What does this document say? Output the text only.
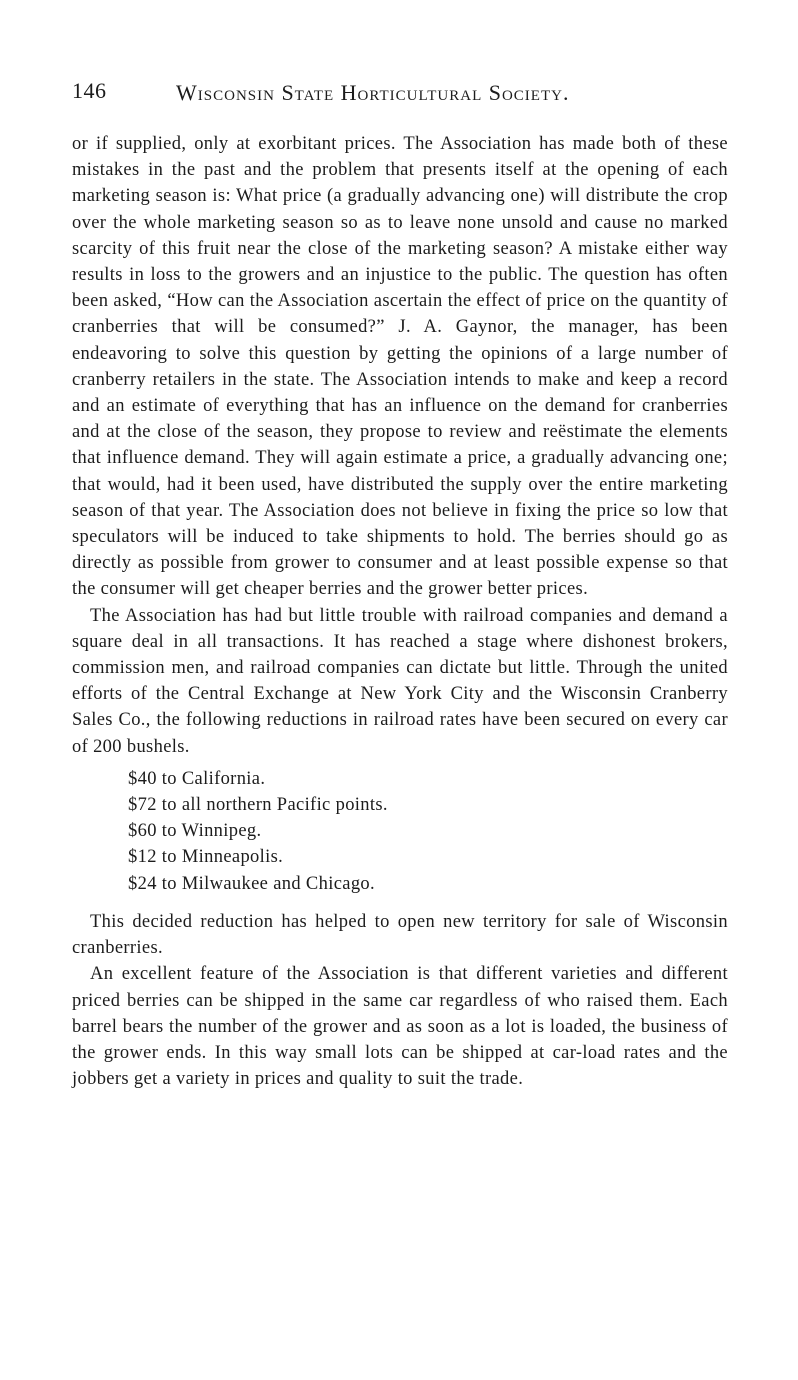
146	Wisconsin State Horticultural Society.

or if supplied, only at exorbitant prices. The Association has made both of these mistakes in the past and the problem that presents itself at the opening of each marketing season is: What price (a gradually advancing one) will distribute the crop over the whole marketing season so as to leave none unsold and cause no marked scarcity of this fruit near the close of the marketing season? A mistake either way results in loss to the growers and an injustice to the public. The question has often been asked, “How can the Association ascertain the effect of price on the quantity of cranberries that will be consumed?” J. A. Gaynor, the manager, has been endeavoring to solve this question by getting the opinions of a large number of cranberry retailers in the state. The Association intends to make and keep a record and an estimate of everything that has an influence on the demand for cranberries and at the close of the season, they propose to review and reëstimate the elements that influence demand. They will again estimate a price, a gradually advancing one; that would, had it been used, have distributed the supply over the entire marketing season of that year. The Association does not believe in fixing the price so low that speculators will be induced to take shipments to hold. The berries should go as directly as possible from grower to consumer and at least possible expense so that the consumer will get cheaper berries and the grower better prices.

The Association has had but little trouble with railroad companies and demand a square deal in all transactions. It has reached a stage where dishonest brokers, commission men, and railroad companies can dictate but little. Through the united efforts of the Central Exchange at New York City and the Wisconsin Cranberry Sales Co., the following reductions in railroad rates have been secured on every car of 200 bushels.

$40 to California.
$72 to all northern Pacific points.
$60 to Winnipeg.
$12 to Minneapolis.
$24 to Milwaukee and Chicago.

This decided reduction has helped to open new territory for sale of Wisconsin cranberries.

An excellent feature of the Association is that different varieties and different priced berries can be shipped in the same car regardless of who raised them. Each barrel bears the number of the grower and as soon as a lot is loaded, the business of the grower ends. In this way small lots can be shipped at car-load rates and the jobbers get a variety in prices and quality to suit the trade.
